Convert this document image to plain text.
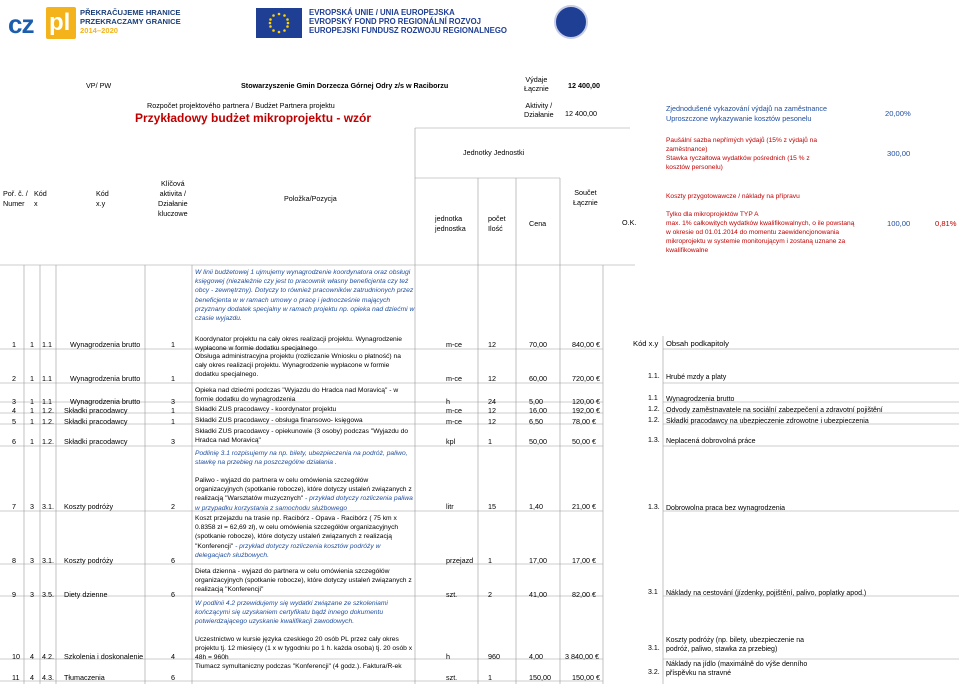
cz pl PŘEKRAČUJEME HRANICE
PRZEKRACZAMY GRANICE
2014–2020
EVROPSKÁ UNIE / UNIA EUROPEJSKA
EVROPSKÝ FOND PRO REGIONÁLNÍ ROZVOJ
EUROPEJSKI FUNDUSZ ROZWOJU REGIONALNEGO
VP/ PW	Stowarzyszenie Gmin Dorzecza Górnej Odry z/s w Raciborzu
Výdaje
Łącznie	12 400,00
Rozpočet projektového partnera / Budżet Partnera projektu
Przykładowy budżet mikroprojektu - wzór
Aktivity /
Działanie 12 400,00
Zjednodušené vykazování výdajů na zaměstnance
Uproszczone wykazywanie kosztów pesonelu
20,00%
Jednotky Jednostki
Paušální sazba nepřímých výdajů (15% z výdajů na zaměstnance)
Stawka ryczałtowa wydatków pośrednich (15 % z kosztów personelu)
300,00
Poř. č. /
Numer
Kód
x
Kód
x.y
Klíčová
aktivita /
Działanie
kluczowe
Položka/Pozycja
jednotka
jednostka
počet
Ilość
Cena
Součet
Łącznie
O.K.
Koszty przygotowawcze / náklady na přípravu
Tylko dla mikroprojektów TYP A
max. 1% całkowitych wydatków kwalifikowalnych, o ile powstaną
w okresie od 01.01.2014 do momentu zaewidencjonowania
mikroprojektu w systemie monitorującym i zostaną uznane za
kwalifikowalne
100,00	0,81%
1 1 1.1	Wynagrodzenia brutto	1
W linii budżetowej 1 ujmujemy wynagrodzenie koordynatora oraz obsługi księgowej (niezależnie czy jest to pracownik własny beneficjenta czy też obcy - zewnętrzny). Dotyczy to również pracowników zatrudnionych przez beneficjenta w w ramach umowy o pracę i jednocześnie mających przyznany dodatek specjalny w ramach projektu np. opieka nad dziećmi w czasie wyjazdu.
Koordynator projektu na cały okres realizacji projektu. Wynagrodzenie wypłacone w formie dodatku specjalnego	m-ce	12	70,00	840,00 €
2 1 1.1	Wynagrodzenia brutto	1
Obsługa administracyjna projektu (rozliczanie Wniosku o płatność) na cały okres realizacji projektu. Wynagrodzenie wypłacone w formie dodatku specjalnego.	m-ce	12	60,00	720,00 €
3 1 1.1	Wynagrodzenia brutto	3
Opieka nad dziećmi podczas "Wyjazdu do Hradca nad Moravicą" - w formie dodatku do wynagrodzenia	h	24	5,00	120,00 €
4 1 1.2. Składki pracodawcy	1	Składki ZUS pracodawcy - koordynator projektu	m-ce	12	16,00	192,00 €
5 1 1.2. Składki pracodawcy	1	Składki ZUS pracodawcy - obsługa finansowo- księgowa	m-ce	12	6,50	78,00 €
6 1 1.2. Składki pracodawcy	3
Składki ZUS pracodawcy - opiekunowie (3 osoby) podczas "Wyjazdu do Hradca nad Moravicą"	kpl	1	50,00	50,00 €
7 3 3.1. Koszty podróży	2
Podlinię 3.1 rozpisujemy na np. bilety, ubezpieczenia na podróż, paliwo, stawkę na przebieg na poszczególne działania .
Paliwo - wyjazd do partnera w celu omówienia szczegółów organizacyjnych (spotkanie robocze), które dotyczy ustaleń związanych z realizacją "Warsztatów muzycznych" - przykład dotyczy rozliczenia paliwa w przypadku korzystania z samochodu służbowego	litr	15	1,40	21,00 €
8 3 3.1. Koszty podróży	6
Koszt przejazdu na trasie np. Racibórz - Opava - Racibórz ( 75 km x 0.8358 zł = 62,69 zł), w celu omówienia szczegółów organizacyjnych (spotkanie robocze), które dotyczy ustaleń związanych z realizacją "Konferencji" - przykład dotyczy rozliczenia kosztów podróży w delegacjach służbowych.
przejazd 1	17,00	17,00 €
9 3 3.5. Diety dzienne	6
Dieta dzienna - wyjazd do partnera w celu omówienia szczegółów organizacyjnych (spotkanie robocze), które dotyczy ustaleń związanych z realizacją "Konferencji"
szt.	2	41,00	82,00 €
10 4 4.2. Szkolenia i doskonalenie	4
W podlinii 4.2 przewidujemy się wydatki związane ze szkoleniami kończącymi się uzyskaniem certyfikatu bądź innego dokumentu potwierdzającego uzyskanie kwalifikacji zawodowych.
Uczestnictwo w kursie języka czeskiego 20 osób PL przez cały okres projektu tj. 12 miesięcy (1 x w tygodniu po 1 h. każda osoba) tj. 20 osób x 48h = 960h	h	960	4,00	3 840,00 €
11 4 4.3. Tłumaczenia	6
Tłumacz symultaniczny podczas "Konferencji" (4 godz.). Faktura/R-ek
szt.	1	150,00	150,00 €
Kód x.y Obsah podkapitoly
1.1. Hrubé mzdy a platy
1.1 Wynagrodzenia brutto
1.2. Odvody zaměstnavatele na sociální zabezpečení a zdravotní pojištění
1.2. Składki pracodawcy na ubezpieczenie zdrowotne i ubezpieczenia
1.3. Neplacená dobrovolná práce
1.3. Dobrowolna praca bez wynagrodzenia
3.1 Náklady na cestování (jízdenky, pojištění, palivo, poplatky apod.)
3.1.
Koszty podróży (np. bilety, ubezpieczenie na podróż, paliwo, stawka za przebieg)
3.2.
Náklady na jídlo (maximálně do výše denního příspěvku na stravné
